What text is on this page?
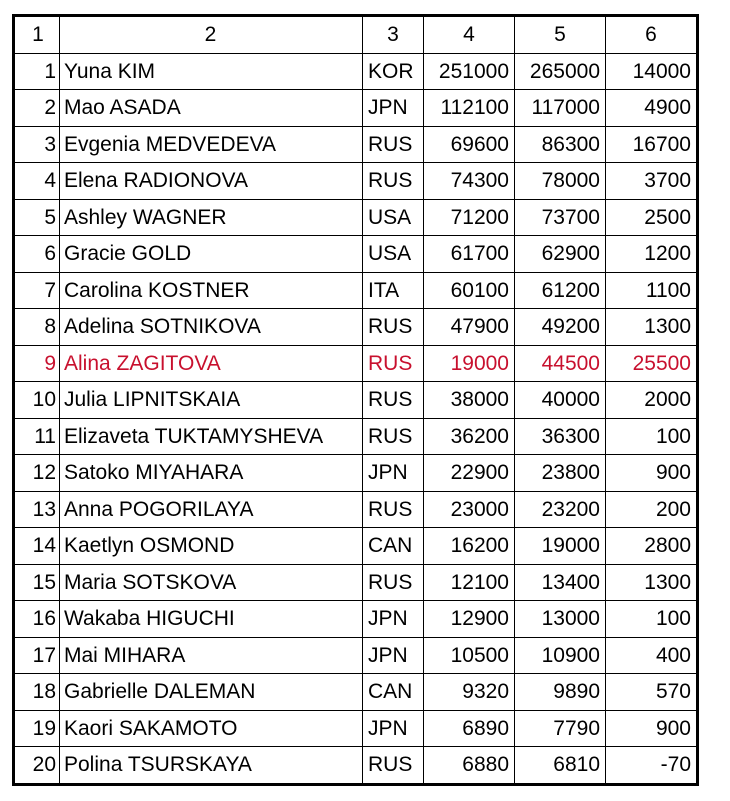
1	2	3	4	5	6
1	Yuna KIM	KOR	251000	265000	14000
2	Mao ASADA	JPN	112100	117000	4900
3	Evgenia MEDVEDEVA	RUS	69600	86300	16700
4	Elena RADIONOVA	RUS	74300	78000	3700
5	Ashley WAGNER	USA	71200	73700	2500
6	Gracie GOLD	USA	61700	62900	1200
7	Carolina KOSTNER	ITA	60100	61200	1100
8	Adelina SOTNIKOVA	RUS	47900	49200	1300
9	Alina ZAGITOVA	RUS	19000	44500	25500
10	Julia LIPNITSKAIA	RUS	38000	40000	2000
11	Elizaveta TUKTAMYSHEVA	RUS	36200	36300	100
12	Satoko MIYAHARA	JPN	22900	23800	900
13	Anna POGORILAYA	RUS	23000	23200	200
14	Kaetlyn OSMOND	CAN	16200	19000	2800
15	Maria SOTSKOVA	RUS	12100	13400	1300
16	Wakaba HIGUCHI	JPN	12900	13000	100
17	Mai MIHARA	JPN	10500	10900	400
18	Gabrielle DALEMAN	CAN	9320	9890	570
19	Kaori SAKAMOTO	JPN	6890	7790	900
20	Polina TSURSKAYA	RUS	6880	6810	-70
